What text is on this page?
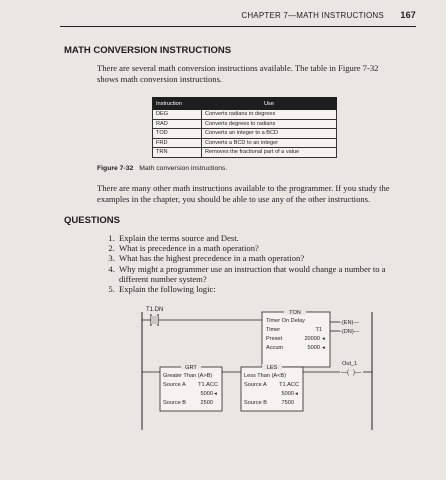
CHAPTER 7—MATH INSTRUCTIONS 167
MATH CONVERSION INSTRUCTIONS
There are several math conversion instructions available. The table in Figure 7-32 shows math conversion instructions.
Instruction	Use
DEG	Converts radians to degrees
RAD	Converts degrees to radians
TOD	Converts an integer to a BCD
FRD	Converts a BCD to an integer
TRN	Removes the fractional part of a value
Figure 7-32 Math conversion instructions.
There are many other math instructions available to the programmer. If you study the examples in the chapter, you should be able to use any of the other instructions.
QUESTIONS
1. Explain the terms source and Dest.
2. What is precedence in a math operation?
3. What has the highest precedence in a math operation?
4. Why might a programmer use an instruction that would change a number to a different number system?
5. Explain the following logic:
T1.DN	TON
Timer On Delay
Timer	T1
Preset	20000 ◂
Accum	5000 ◂
-(EN)—
-(DN)—
GRT
Greater Than (A>B)
Source A T1.ACC
5000 ◂
Source B	2500
LES
Less Than (A<B)
Source A T1.ACC
5000 ◂
Source B	7500
—( )—
Out_1
